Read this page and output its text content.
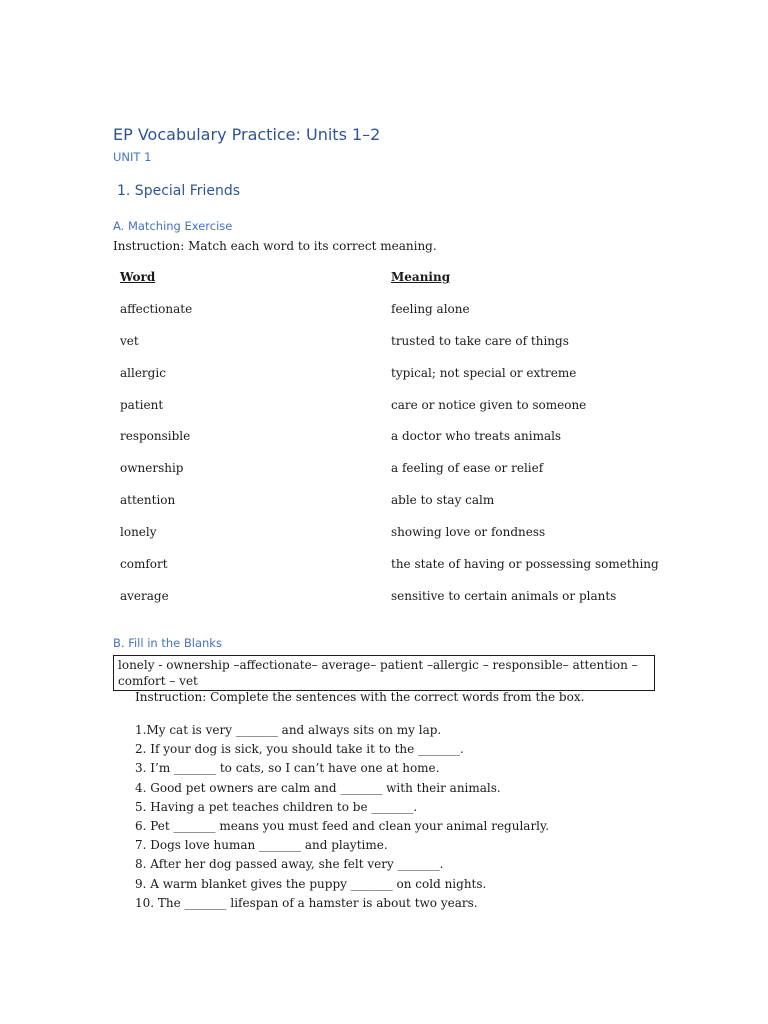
EP Vocabulary Practice: Units 1–2
UNIT 1
1. Special Friends
A. Matching Exercise
Instruction: Match each word to its correct meaning.
Word	Meaning
affectionate	feeling alone
vet	trusted to take care of things
allergic	typical; not special or extreme
patient	care or notice given to someone
responsible	a doctor who treats animals
ownership	a feeling of ease or relief
attention	able to stay calm
lonely	showing love or fondness
comfort	the state of having or possessing something
average	sensitive to certain animals or plants
B. Fill in the Blanks
lonely - ownership –affectionate– average– patient –allergic – responsible– attention – comfort – vet
Instruction: Complete the sentences with the correct words from the box.
1.My cat is very _______ and always sits on my lap.
2. If your dog is sick, you should take it to the _______.
3. I’m _______ to cats, so I can’t have one at home.
4. Good pet owners are calm and _______ with their animals.
5. Having a pet teaches children to be _______.
6. Pet _______ means you must feed and clean your animal regularly.
7. Dogs love human _______ and playtime.
8. After her dog passed away, she felt very _______.
9. A warm blanket gives the puppy _______ on cold nights.
10. The _______ lifespan of a hamster is about two years.
